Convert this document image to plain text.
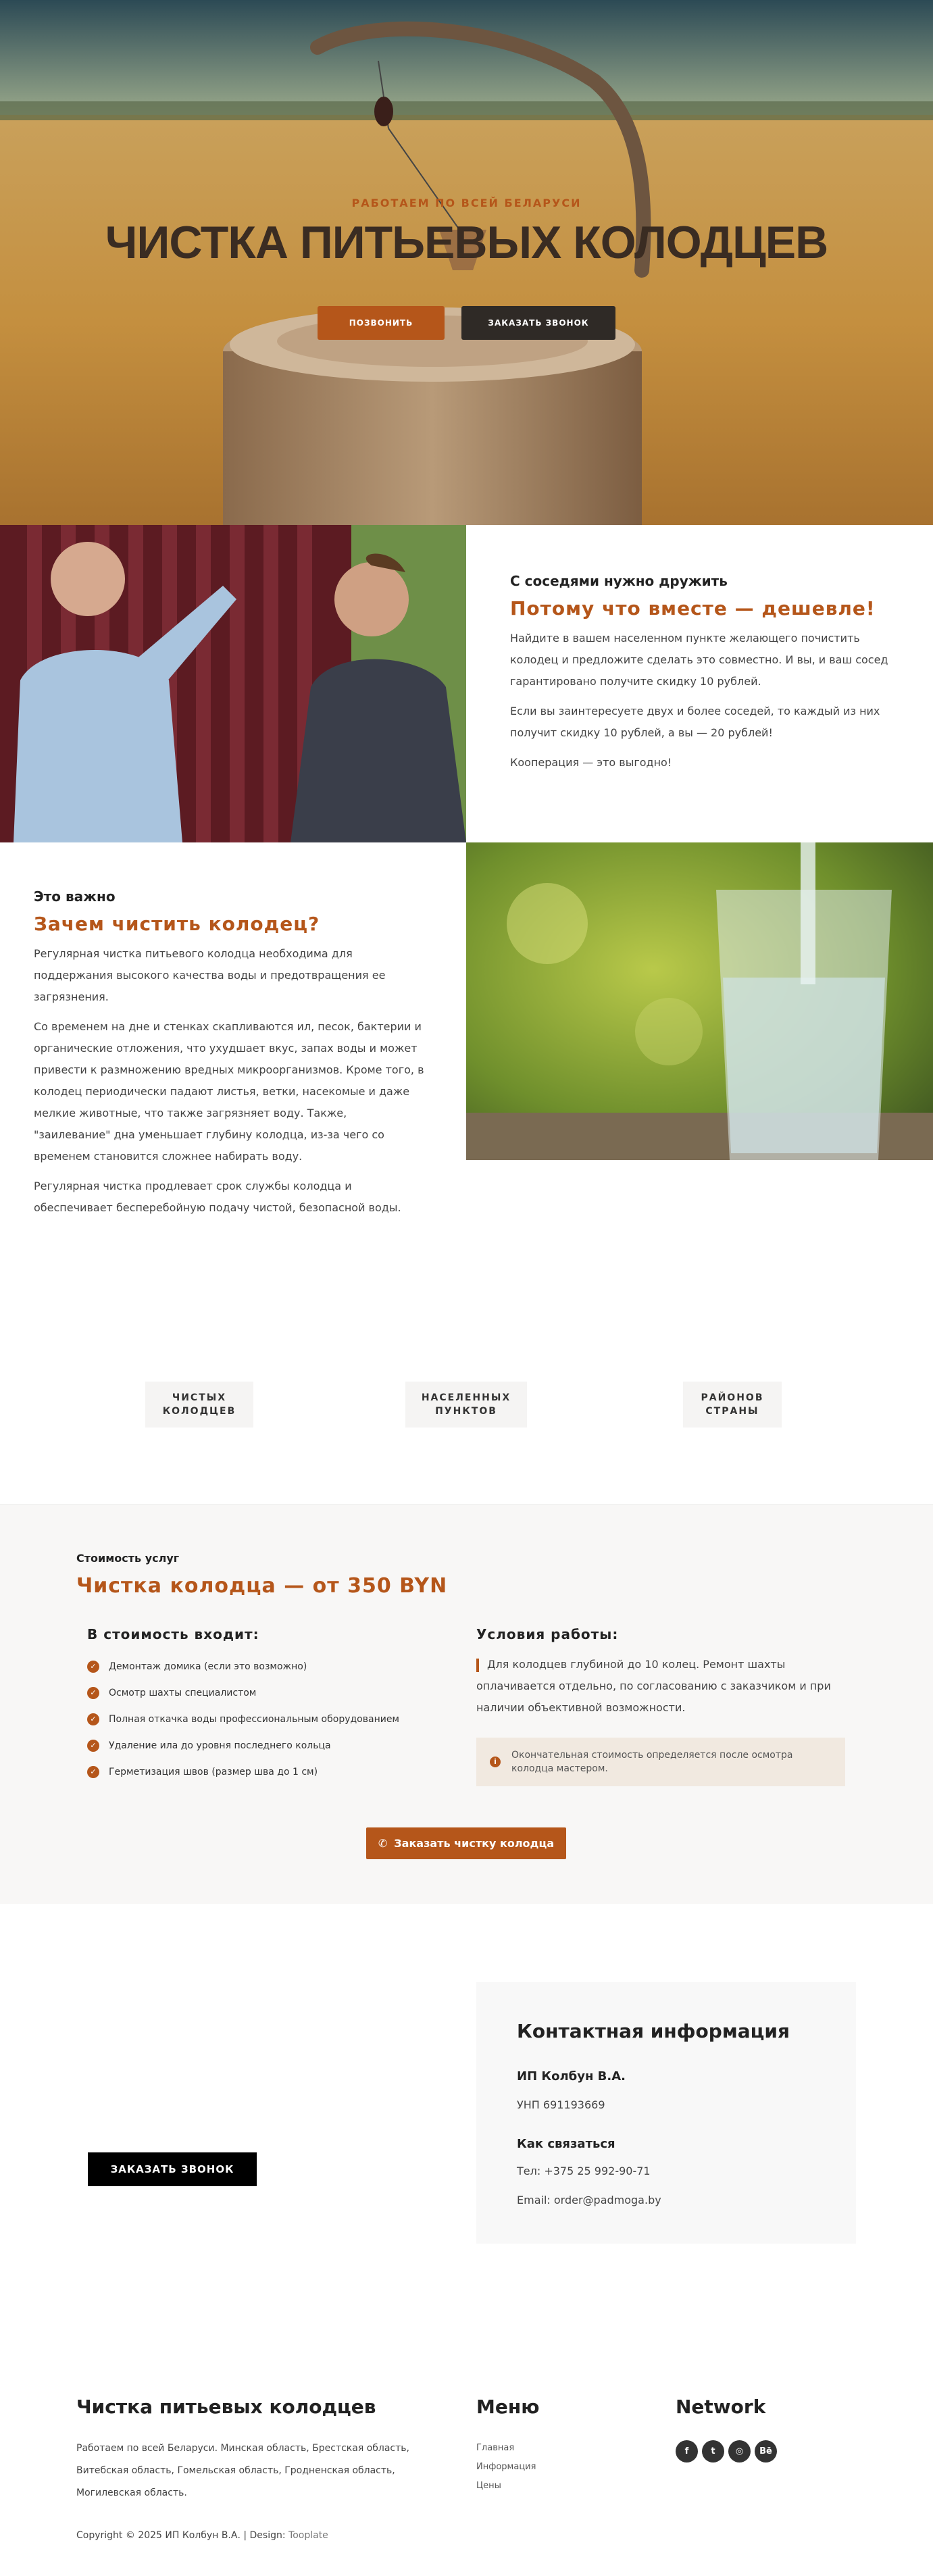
РАБОТАЕМ ПО ВСЕЙ БЕЛАРУСИ
ЧИСТКА ПИТЬЕВЫХ КОЛОДЦЕВ
ПОЗВОНИТЬ	ЗАКАЗАТЬ ЗВОНОК
С соседями нужно дружить
Потому что вместе — дешевле!

Найдите в вашем населенном пункте желающего почистить колодец и предложите сделать это совместно. И вы, и ваш сосед гарантировано получите скидку 10 рублей.

Если вы заинтересуете двух и более соседей, то каждый из них получит скидку 10 рублей, а вы — 20 рублей!

Кооперация — это выгодно!

Это важно
Зачем чистить колодец?

Регулярная чистка питьевого колодца необходима для поддержания высокого качества воды и предотвращения ее загрязнения.

Со временем на дне и стенках скапливаются ил, песок, бактерии и органические отложения, что ухудшает вкус, запах воды и может привести к размножению вредных микроорганизмов. Кроме того, в колодец периодически падают листья, ветки, насекомые и даже мелкие животные, что также загрязняет воду. Также, "заилевание" дна уменьшает глубину колодца, из-за чего со временем становится сложнее набирать воду.

Регулярная чистка продлевает срок службы колодца и обеспечивает бесперебойную подачу чистой, безопасной воды.

ЧИСТЫХ
КОЛОДЦЕВ
НАСЕЛЕННЫХ
ПУНКТОВ
РАЙОНОВ
СТРАНЫ
Стоимость услуг
Чистка колодца — от 350 BYN
В стоимость входит:
✓	Демонтаж домика (если это возможно)
✓	Осмотр шахты специалистом
✓	Полная откачка воды профессиональным оборудованием
✓	Удаление ила до уровня последнего кольца
✓	Герметизация швов (размер шва до 1 см)
Условия работы:
Для колодцев глубиной до 10 колец. Ремонт шахты оплачивается отдельно, по согласованию с заказчиком и при наличии объективной возможности.
i
Окончательная стоимость определяется после осмотра колодца мастером.
✆ Заказать чистку колодца
ЗАКАЗАТЬ ЗВОНОК
Контактная информация
ИП Колбун В.А.
УНП 691193669
Как связаться
Тел: +375 25 992-90-71
Email: order@padmoga.by
Чистка питьевых колодцев
Работаем по всей Беларуси. Минская область, Брестская область, Витебская область, Гомельская область, Гродненская область, Могилевская область.
Меню
Главная
Информация
Цены
Network
f	t	◎	Bē
Copyright © 2025 ИП Колбун В.А. | Design: Tooplate
